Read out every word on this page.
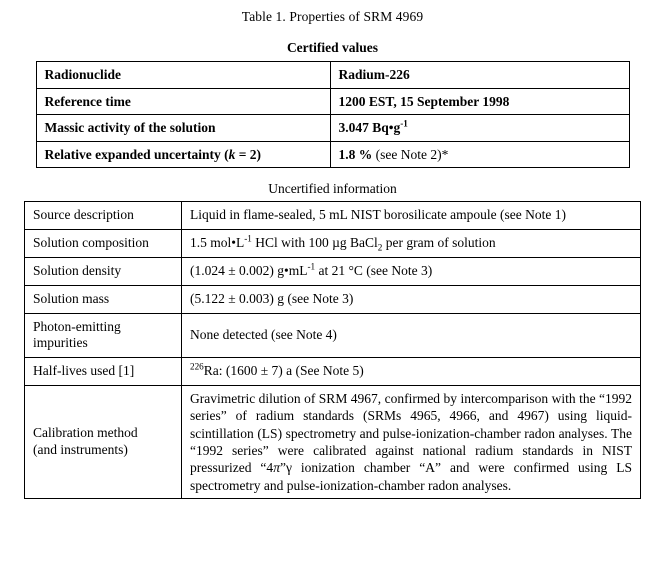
Table 1. Properties of SRM 4969
Certified values
Radionuclide	Radium-226
Reference time	1200 EST, 15 September 1998
Massic activity of the solution	3.047 $Bq•g^{-1}$
Relative expanded uncertainty (k = 2)	1.8 % (see Note 2)*
Uncertified information
Source description	Liquid in flame-sealed, 5 mL NIST borosilicate ampoule (see Note 1)
Solution composition	1.5 $mol•L^{-1}$ HCl with 100 µg BaCl$_2$ per gram of solution
Solution density	(1.024 ± 0.002) $g•mL^{-1}$ at 21 °C (see Note 3)
Solution mass	(5.122 ± 0.003) g (see Note 3)
Photon-emitting
impurities	None detected (see Note 4)
Half-lives used [1]	$^{226}$Ra: (1600 ± 7) a (See Note 5)
Calibration method
(and instruments)	Gravimetric dilution of SRM 4967, confirmed by intercomparison with the “1992 series” of radium standards (SRMs 4965, 4966, and 4967) using liquid-scintillation (LS) spectrometry and pulse-ionization-chamber radon analyses. The “1992 series” were calibrated against national radium standards in NIST pressurized “4π”γ ionization chamber “A” and were confirmed using LS spectrometry and pulse-ionization-chamber radon analyses.
